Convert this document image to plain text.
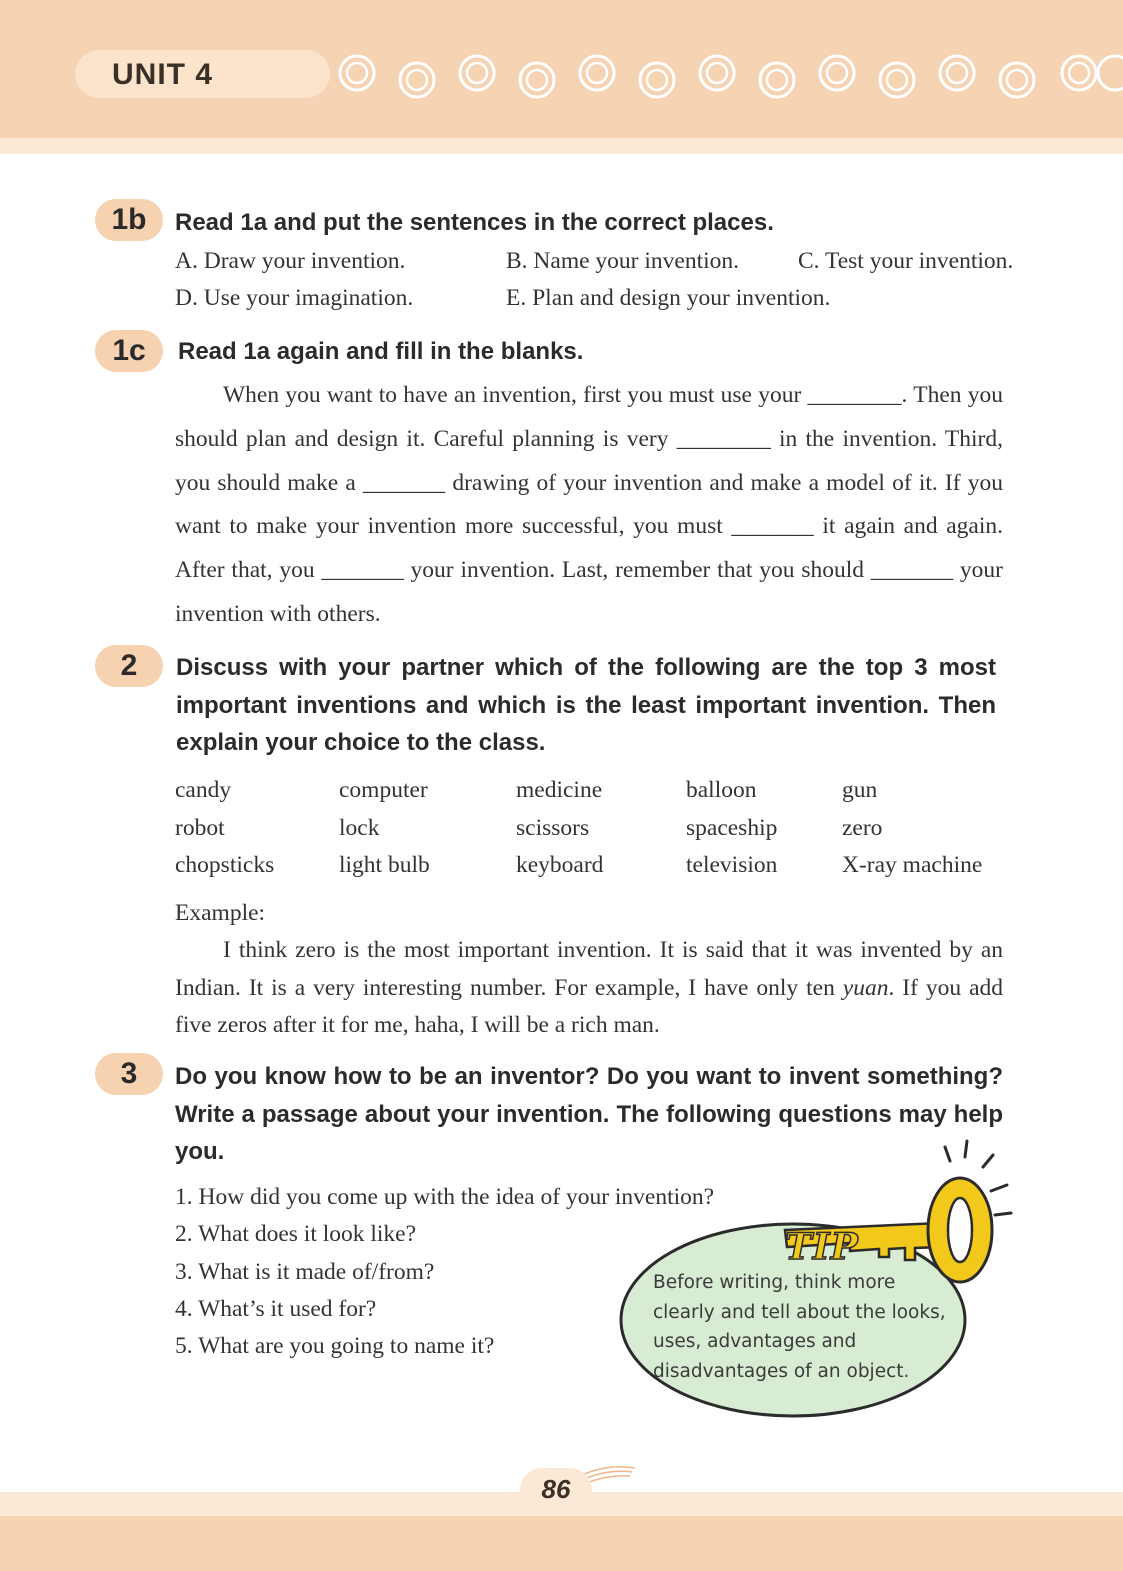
UNIT 4
1b	Read 1a and put the sentences in the correct places.
A. Draw your invention.	B. Name your invention.	C. Test your invention.
D. Use your imagination.	E. Plan and design your invention.
1c	Read 1a again and fill in the blanks.
When you want to have an invention, first you must use your ________. Then you should plan and design it. Careful planning is very ________ in the invention. Third, you should make a _______ drawing of your invention and make a model of it. If you want to make your invention more successful, you must _______ it again and again. After that, you _______ your invention. Last, remember that you should _______ your invention with others.
2	Discuss with your partner which of the following are the top 3 most important inventions and which is the least important invention. Then explain your choice to the class.
candy	computer	medicine	balloon	gun
robot	lock	scissors	spaceship	zero
chopsticks	light bulb	keyboard	television	X-ray machine
Example:
I think zero is the most important invention. It is said that it was invented by an Indian. It is a very interesting number. For example, I have only ten yuan. If you add five zeros after it for me, haha, I will be a rich man.
3	Do you know how to be an inventor? Do you want to invent something? Write a passage about your invention. The following questions may help you.
1. How did you come up with the idea of your invention?
2. What does it look like?
3. What is it made of/from?
4. What’s it used for?
5. What are you going to name it?
TIP
Before writing, think more clearly and tell about the looks, uses, advantages and disadvantages of an object.
86
